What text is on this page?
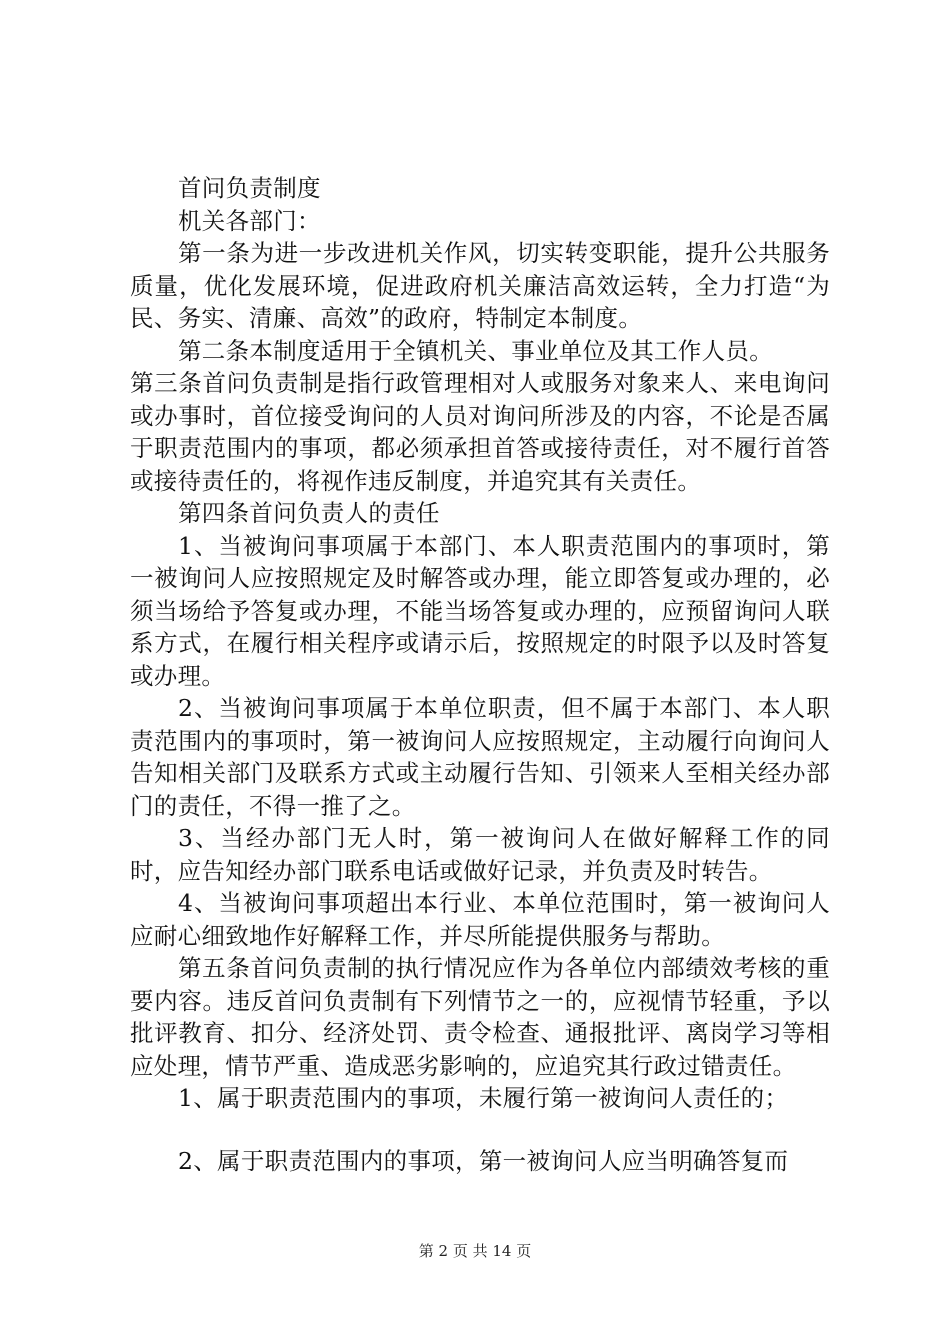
首问负责制度

机关各部门：

第一条为进一步改进机关作风，切实转变职能，提升公共服务质量，优化发展环境，促进政府机关廉洁高效运转，全力打造“为民、务实、清廉、高效”的政府，特制定本制度。

第二条本制度适用于全镇机关、事业单位及其工作人员。

第三条首问负责制是指行政管理相对人或服务对象来人、来电询问或办事时，首位接受询问的人员对询问所涉及的内容，不论是否属于职责范围内的事项，都必须承担首答或接待责任，对不履行首答或接待责任的，将视作违反制度，并追究其有关责任。

第四条首问负责人的责任

1、当被询问事项属于本部门、本人职责范围内的事项时，第一被询问人应按照规定及时解答或办理，能立即答复或办理的，必须当场给予答复或办理，不能当场答复或办理的，应预留询问人联系方式，在履行相关程序或请示后，按照规定的时限予以及时答复或办理。

2、当被询问事项属于本单位职责，但不属于本部门、本人职责范围内的事项时，第一被询问人应按照规定，主动履行向询问人告知相关部门及联系方式或主动履行告知、引领来人至相关经办部门的责任，不得一推了之。

3、当经办部门无人时，第一被询问人在做好解释工作的同时，应告知经办部门联系电话或做好记录，并负责及时转告。

4、当被询问事项超出本行业、本单位范围时，第一被询问人应耐心细致地作好解释工作，并尽所能提供服务与帮助。

第五条首问负责制的执行情况应作为各单位内部绩效考核的重要内容。违反首问负责制有下列情节之一的，应视情节轻重，予以批评教育、扣分、经济处罚、责令检查、通报批评、离岗学习等相应处理，情节严重、造成恶劣影响的，应追究其行政过错责任。

1、属于职责范围内的事项，未履行第一被询问人责任的；

2、属于职责范围内的事项，第一被询问人应当明确答复而

第 2 页 共 14 页
